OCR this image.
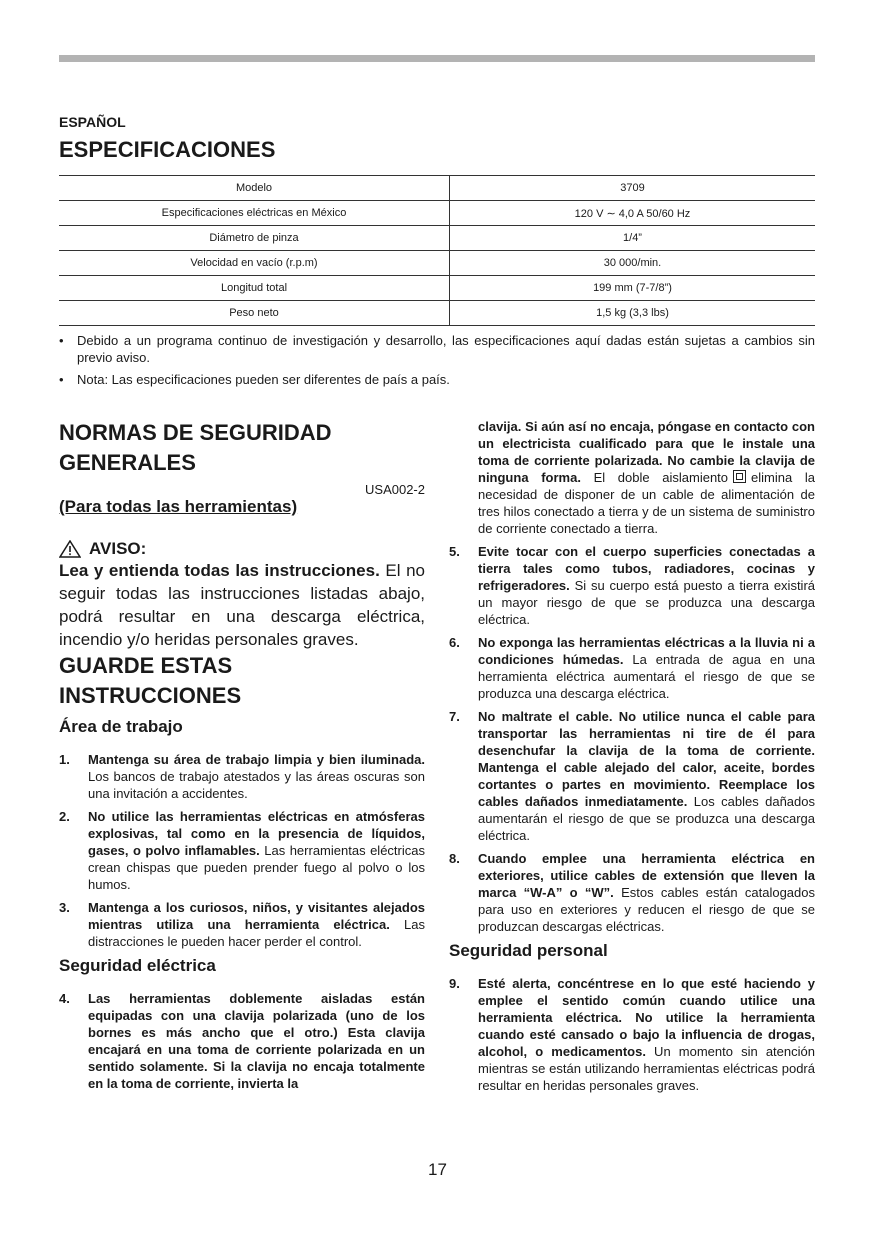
ESPAÑOL
ESPECIFICACIONES
Modelo	3709
Especificaciones eléctricas en México	120 V ∼ 4,0 A 50/60 Hz
Diámetro de pinza	1/4”
Velocidad en vacío (r.p.m)	30 000/min.
Longitud total	199 mm (7-7/8”)
Peso neto	1,5 kg (3,3 lbs)
• Debido a un programa continuo de investigación y desarrollo, las especificaciones aquí dadas están sujetas a cambios sin previo aviso.
• Nota: Las especificaciones pueden ser diferentes de país a país.
NORMAS DE SEGURIDAD
GENERALES
USA002-2
(Para todas las herramientas)
AVISO:
Lea y entienda todas las instrucciones. El no seguir todas las instrucciones listadas abajo, podrá resultar en una descarga eléctrica, incendio y/o heridas personales graves.
GUARDE ESTAS
INSTRUCCIONES
Área de trabajo
1. Mantenga su área de trabajo limpia y bien iluminada. Los bancos de trabajo atestados y las áreas oscuras son una invitación a accidentes.
2. No utilice las herramientas eléctricas en atmósferas explosivas, tal como en la presencia de líquidos, gases, o polvo inflamables. Las herramientas eléctricas crean chispas que pueden prender fuego al polvo o los humos.
3. Mantenga a los curiosos, niños, y visitantes alejados mientras utiliza una herramienta eléctrica. Las distracciones le pueden hacer perder el control.
Seguridad eléctrica
4. Las herramientas doblemente aisladas están equipadas con una clavija polarizada (uno de los bornes es más ancho que el otro.) Esta clavija encajará en una toma de corriente polarizada en un sentido solamente. Si la clavija no encaja totalmente en la toma de corriente, invierta la
clavija. Si aún así no encaja, póngase en contacto con un electricista cualificado para que le instale una toma de corriente polarizada. No cambie la clavija de ninguna forma. El doble aislamiento elimina la necesidad de disponer de un cable de alimentación de tres hilos conectado a tierra y de un sistema de suministro de corriente conectado a tierra.
5. Evite tocar con el cuerpo superficies conectadas a tierra tales como tubos, radiadores, cocinas y refrigeradores. Si su cuerpo está puesto a tierra existirá un mayor riesgo de que se produzca una descarga eléctrica.
6. No exponga las herramientas eléctricas a la lluvia ni a condiciones húmedas. La entrada de agua en una herramienta eléctrica aumentará el riesgo de que se produzca una descarga eléctrica.
7. No maltrate el cable. No utilice nunca el cable para transportar las herramientas ni tire de él para desenchufar la clavija de la toma de corriente. Mantenga el cable alejado del calor, aceite, bordes cortantes o partes en movimiento. Reemplace los cables dañados inmediatamente. Los cables dañados aumentarán el riesgo de que se produzca una descarga eléctrica.
8. Cuando emplee una herramienta eléctrica en exteriores, utilice cables de extensión que lleven la marca “W-A” o “W”. Estos cables están catalogados para uso en exteriores y reducen el riesgo de que se produzcan descargas eléctricas.
Seguridad personal
9. Esté alerta, concéntrese en lo que esté haciendo y emplee el sentido común cuando utilice una herramienta eléctrica. No utilice la herramienta cuando esté cansado o bajo la influencia de drogas, alcohol, o medicamentos. Un momento sin atención mientras se están utilizando herramientas eléctricas podrá resultar en heridas personales graves.
17
